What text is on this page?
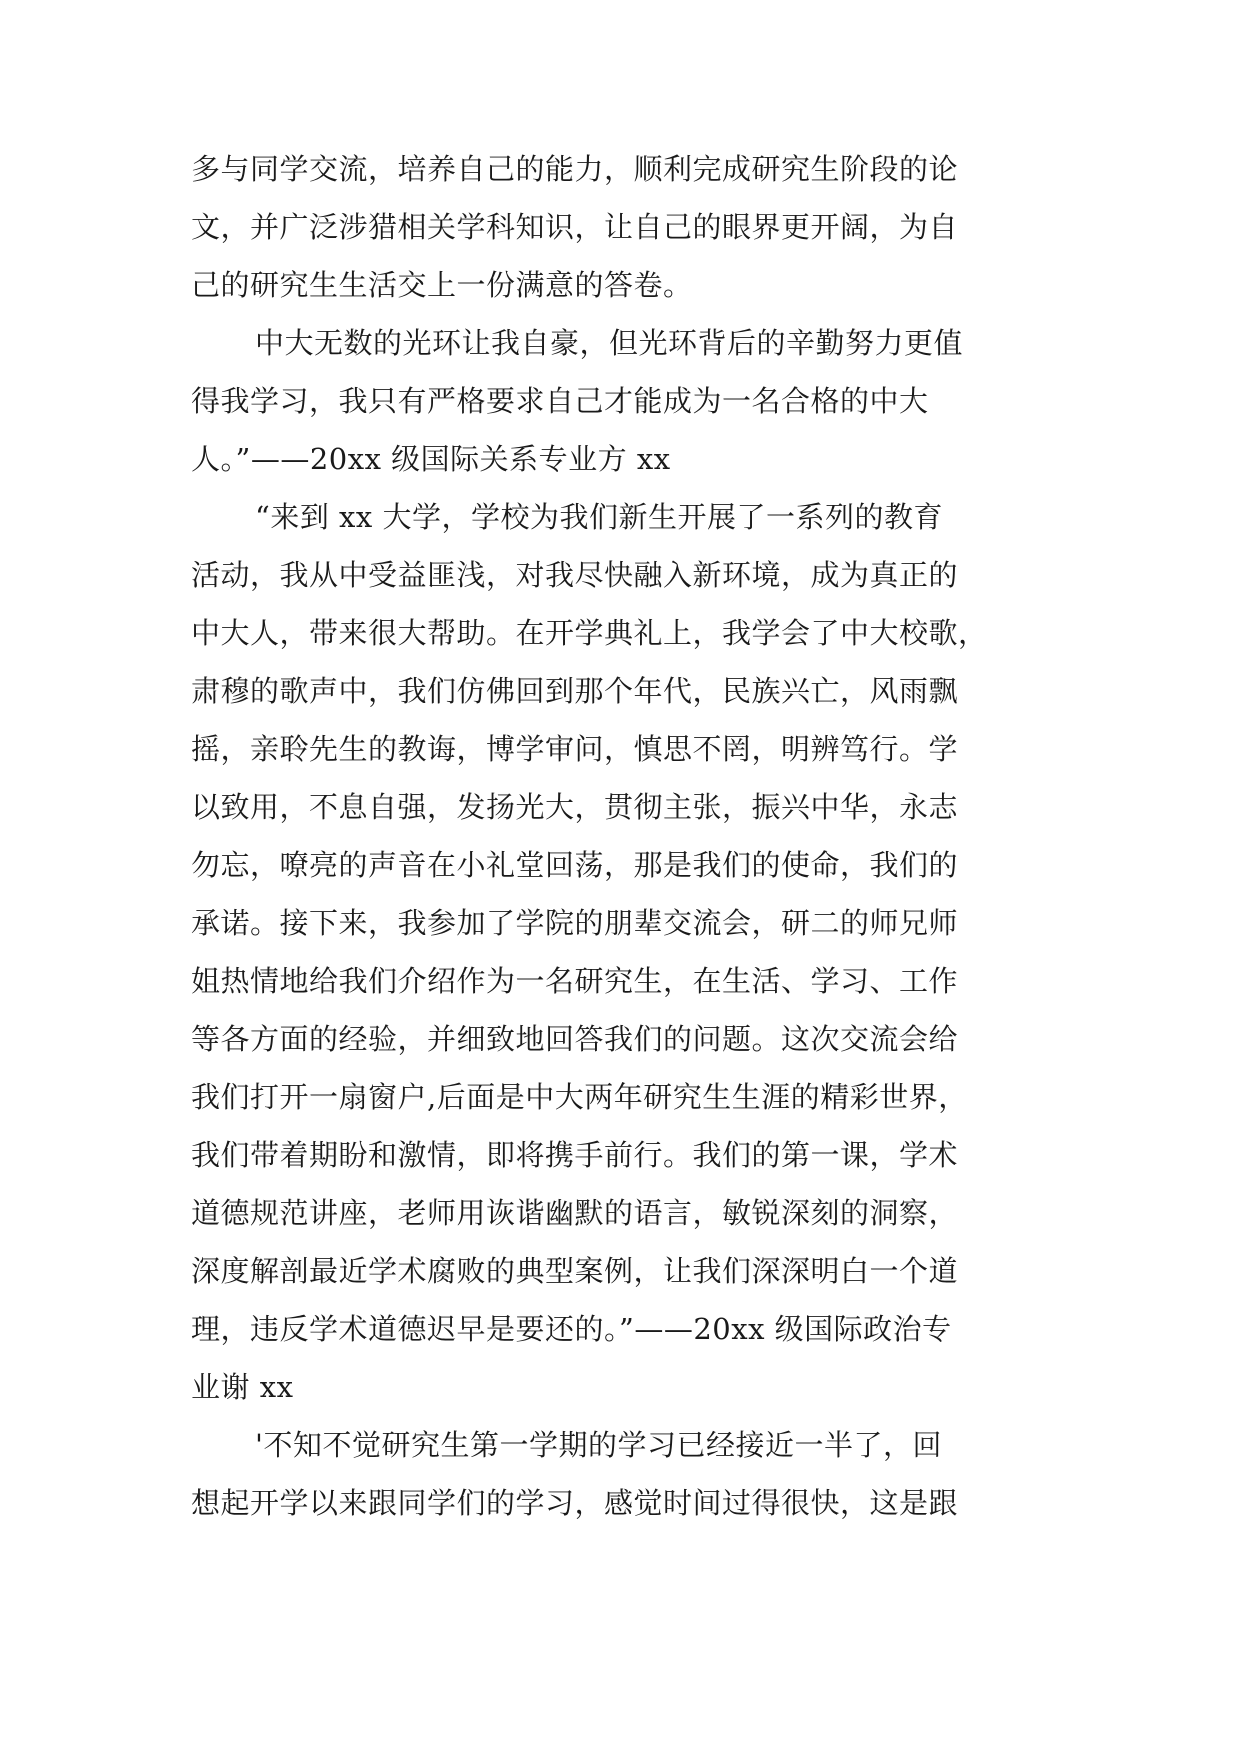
多与同学交流，培养自己的能力，顺利完成研究生阶段的论
文，并广泛涉猎相关学科知识，让自己的眼界更开阔，为自
己的研究生生活交上一份满意的答卷。
中大无数的光环让我自豪，但光环背后的辛勤努力更值
得我学习，我只有严格要求自己才能成为一名合格的中大
人。”——20xx 级国际关系专业方 xx
“来到 xx 大学，学校为我们新生开展了一系列的教育
活动，我从中受益匪浅，对我尽快融入新环境，成为真正的
中大人，带来很大帮助。在开学典礼上，我学会了中大校歌，
肃穆的歌声中，我们仿佛回到那个年代，民族兴亡，风雨飘
摇，亲聆先生的教诲，博学审问，慎思不罔，明辨笃行。学
以致用，不息自强，发扬光大，贯彻主张，振兴中华，永志
勿忘，嘹亮的声音在小礼堂回荡，那是我们的使命，我们的
承诺。接下来，我参加了学院的朋辈交流会，研二的师兄师
姐热情地给我们介绍作为一名研究生，在生活、学习、工作
等各方面的经验，并细致地回答我们的问题。这次交流会给
我们打开一扇窗户,后面是中大两年研究生生涯的精彩世界，
我们带着期盼和激情，即将携手前行。我们的第一课，学术
道德规范讲座，老师用诙谐幽默的语言，敏锐深刻的洞察，
深度解剖最近学术腐败的典型案例，让我们深深明白一个道
理，违反学术道德迟早是要还的。”——20xx 级国际政治专
业谢 xx
'不知不觉研究生第一学期的学习已经接近一半了，回
想起开学以来跟同学们的学习，感觉时间过得很快，这是跟
